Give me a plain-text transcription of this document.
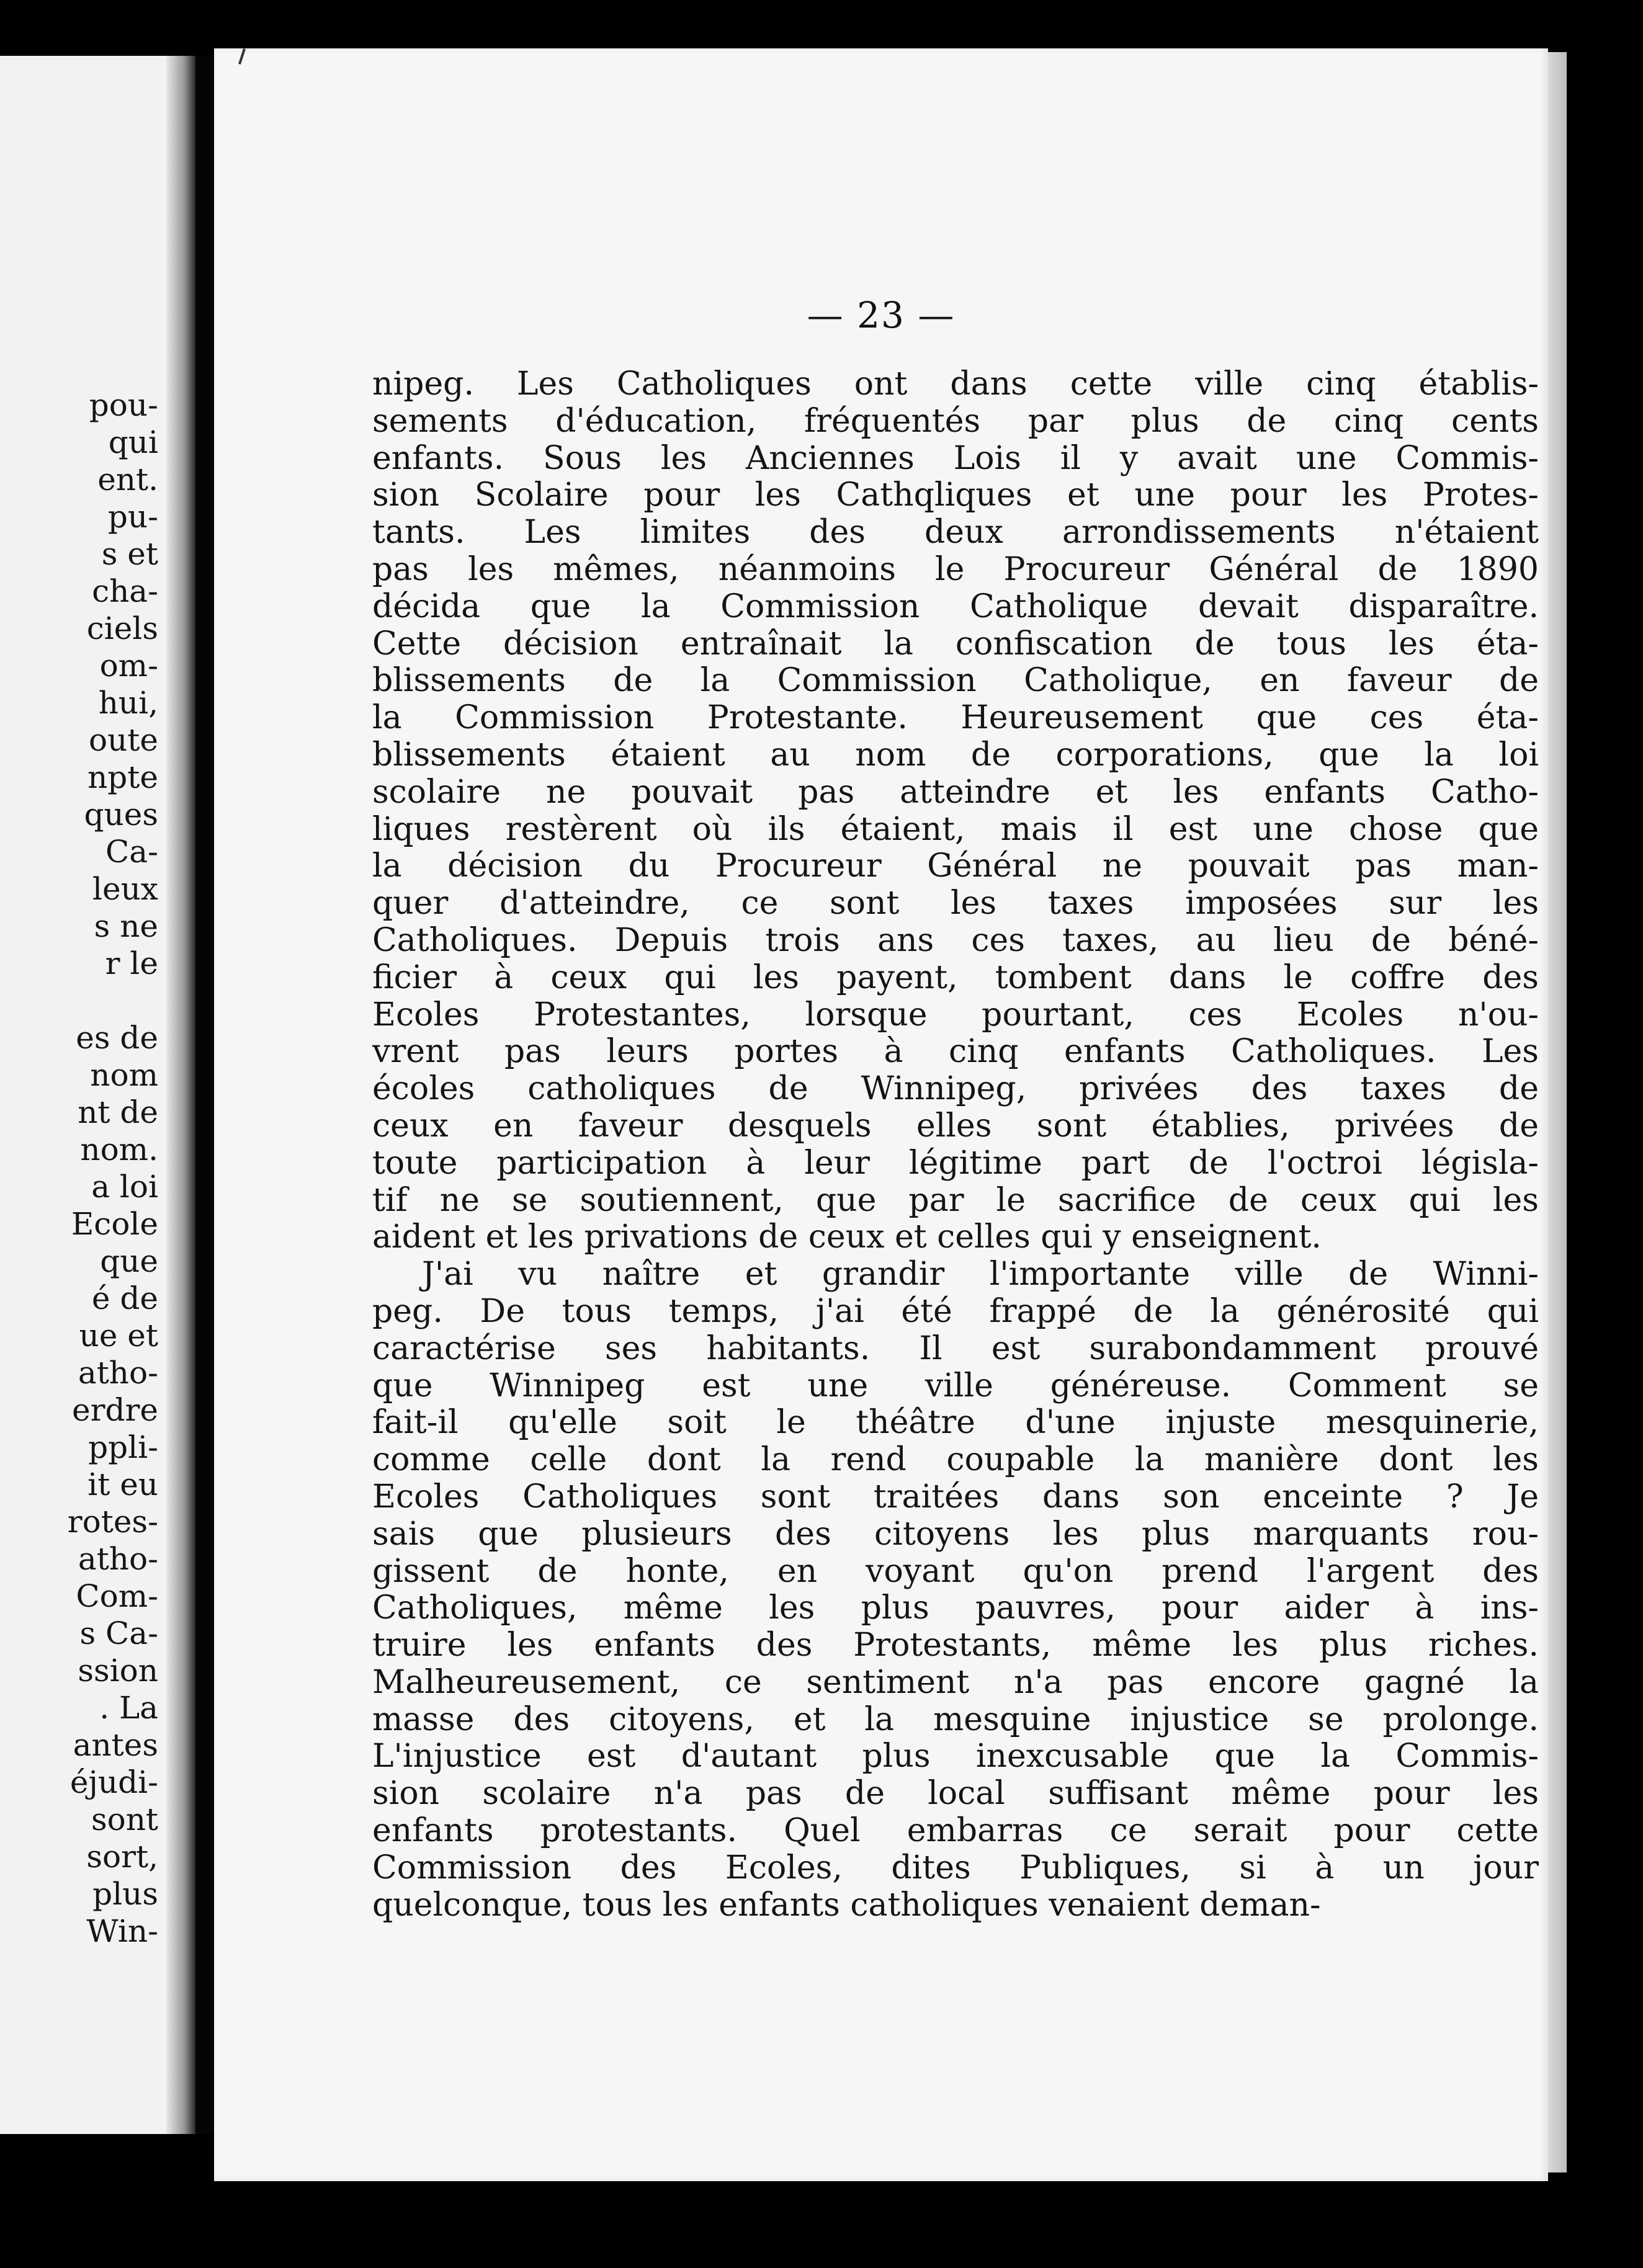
pou-
qui
ent.
pu-
s et
cha-
ciels
om-
hui,
oute
npte
ques
Ca-
leux
s ne
r le
es de
nom
nt de
nom.
a loi
Ecole
que
é de
ue et
atho-
erdre
ppli-
it eu
rotes-
atho-
Com-
s Ca-
ssion
. La
antes
éjudi-
sont
sort,
plus
Win-
— 23 —
nipeg. Les Catholiques ont dans cette ville cinq établis-
sements d'éducation, fréquentés par plus de cinq cents
enfants. Sous les Anciennes Lois il y avait une Commis-
sion Scolaire pour les Cathqliques et une pour les Protes-
tants. Les limites des deux arrondissements n'étaient
pas les mêmes, néanmoins le Procureur Général de 1890
décida que la Commission Catholique devait disparaître.
Cette décision entraînait la confiscation de tous les éta-
blissements de la Commission Catholique, en faveur de
la Commission Protestante. Heureusement que ces éta-
blissements étaient au nom de corporations, que la loi
scolaire ne pouvait pas atteindre et les enfants Catho-
liques restèrent où ils étaient, mais il est une chose que
la décision du Procureur Général ne pouvait pas man-
quer d'atteindre, ce sont les taxes imposées sur les
Catholiques. Depuis trois ans ces taxes, au lieu de béné-
ficier à ceux qui les payent, tombent dans le coffre des
Ecoles Protestantes, lorsque pourtant, ces Ecoles n'ou-
vrent pas leurs portes à cinq enfants Catholiques. Les
écoles catholiques de Winnipeg, privées des taxes de
ceux en faveur desquels elles sont établies, privées de
toute participation à leur légitime part de l'octroi législa-
tif ne se soutiennent, que par le sacrifice de ceux qui les
aident et les privations de ceux et celles qui y enseignent.
J'ai vu naître et grandir l'importante ville de Winni-
peg. De tous temps, j'ai été frappé de la générosité qui
caractérise ses habitants. Il est surabondamment prouvé
que Winnipeg est une ville généreuse. Comment se
fait-il qu'elle soit le théâtre d'une injuste mesquinerie,
comme celle dont la rend coupable la manière dont les
Ecoles Catholiques sont traitées dans son enceinte ? Je
sais que plusieurs des citoyens les plus marquants rou-
gissent de honte, en voyant qu'on prend l'argent des
Catholiques, même les plus pauvres, pour aider à ins-
truire les enfants des Protestants, même les plus riches.
Malheureusement, ce sentiment n'a pas encore gagné la
masse des citoyens, et la mesquine injustice se prolonge.
L'injustice est d'autant plus inexcusable que la Commis-
sion scolaire n'a pas de local suffisant même pour les
enfants protestants. Quel embarras ce serait pour cette
Commission des Ecoles, dites Publiques, si à un jour
quelconque, tous les enfants catholiques venaient deman-
